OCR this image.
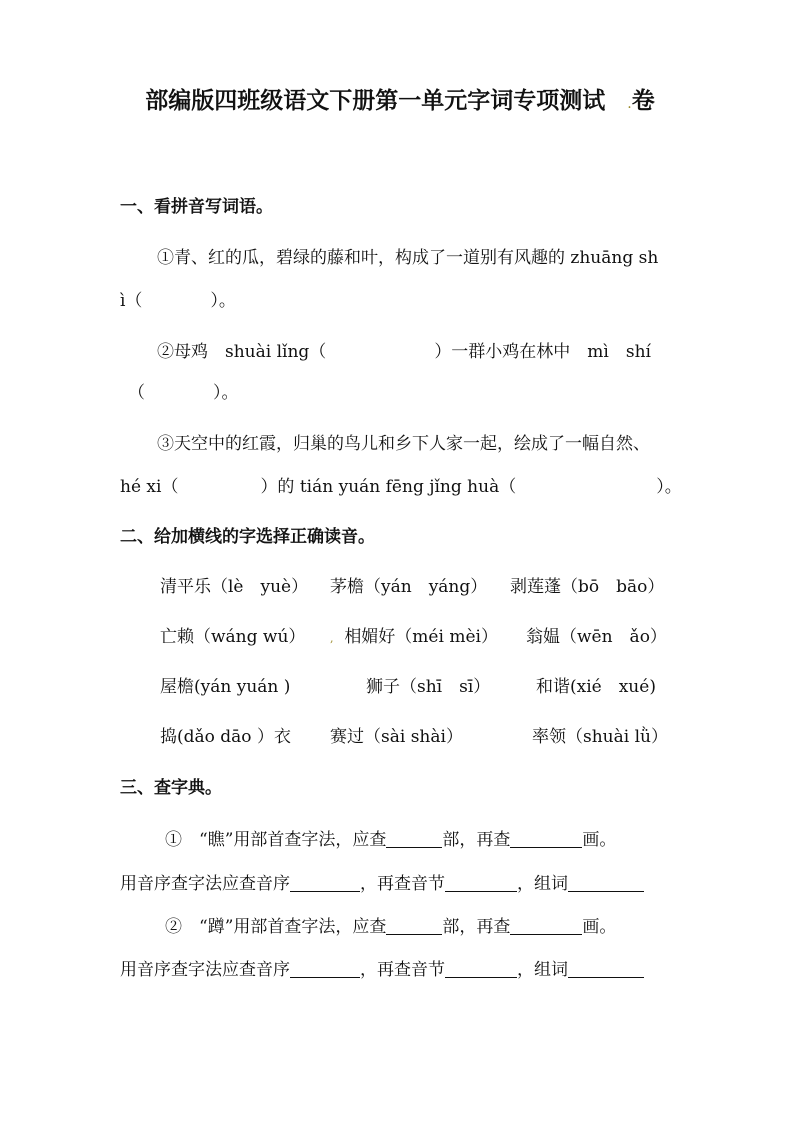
部编版四班级语文下册第一单元字词专项测试 .卷
一、看拼音写词语。
①青、红的瓜，碧绿的藤和叶，构成了一道别有风趣的 zhuāng sh
ì（　　　　）。
②母鸡　shuài lǐng（	）一群小鸡在林中　mì　shí
（　　　　）。
③天空中的红霞，归巢的鸟儿和乡下人家一起，绘成了一幅自然、
hé xi（	）的 tián yuán fēng jǐng huà（	）。
二、给加横线的字选择正确读音。
清平乐（lè　yuè） 茅檐（yán　yáng） 剥莲蓬（bō　bāo）
亡赖（wáng wú） , 相媚好（méi mèi） 翁媪（wēn　ǎo）
屋檐(yán yuán )	狮子（shī　sī）	和谐(xié　xué)
捣(dǎo dāo ）衣 赛过（sài shài）	率领（shuài lǜ）
三、查字典。
①　“瞧”用部首查字法，应查	部，再查	画。
用音序查字法应查音序	，再查音节	，组词
②　“蹲”用部首查字法，应查	部，再查	画。
用音序查字法应查音序	，再查音节	，组词
